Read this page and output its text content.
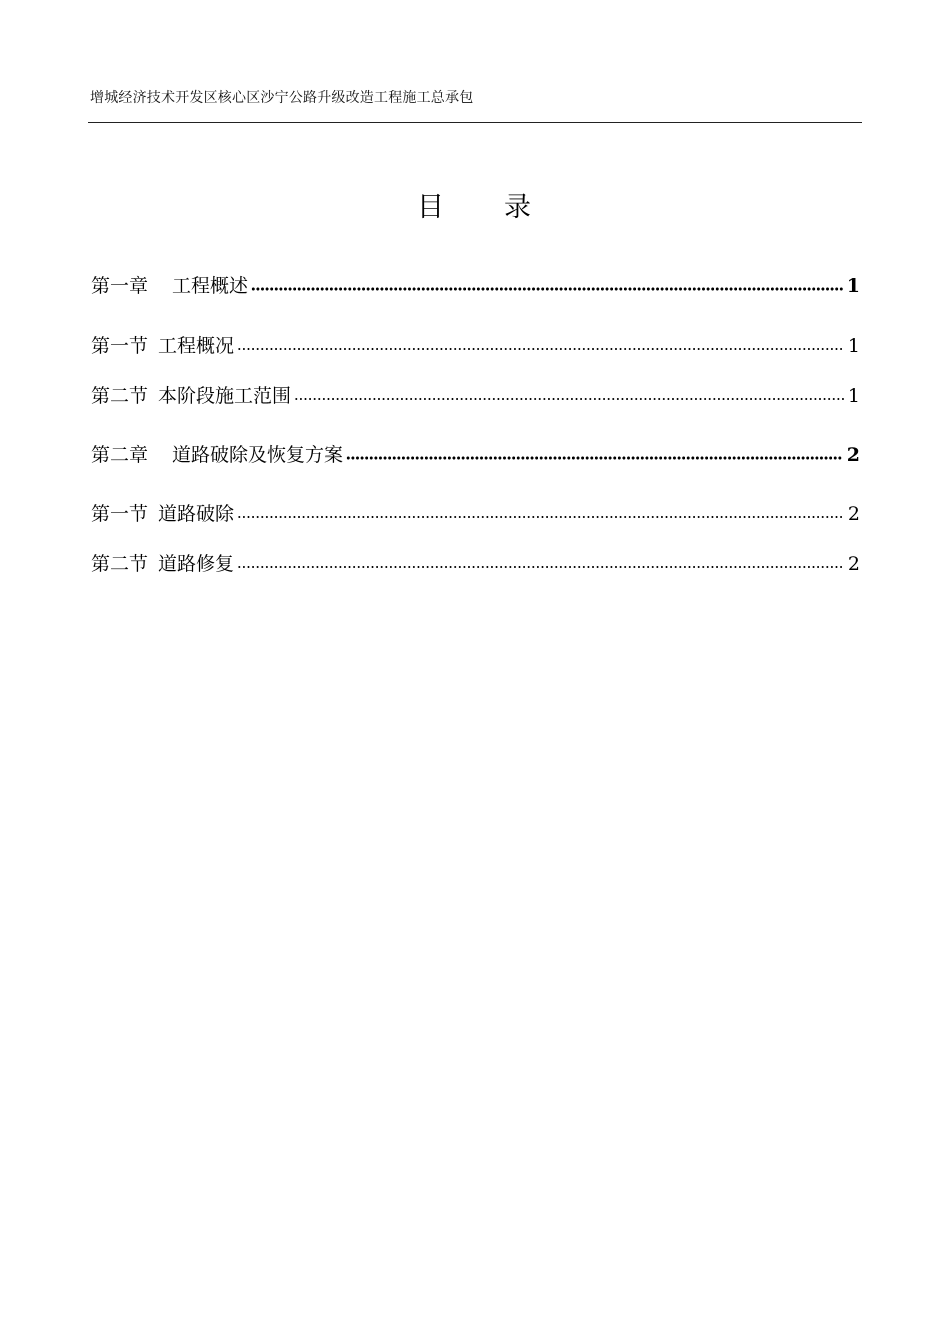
增城经济技术开发区核心区沙宁公路升级改造工程施工总承包
目 录
第一章 工程概述	1
第一节 工程概况	1
第二节 本阶段施工范围	1
第二章 道路破除及恢复方案	2
第一节 道路破除	2
第二节 道路修复	2
